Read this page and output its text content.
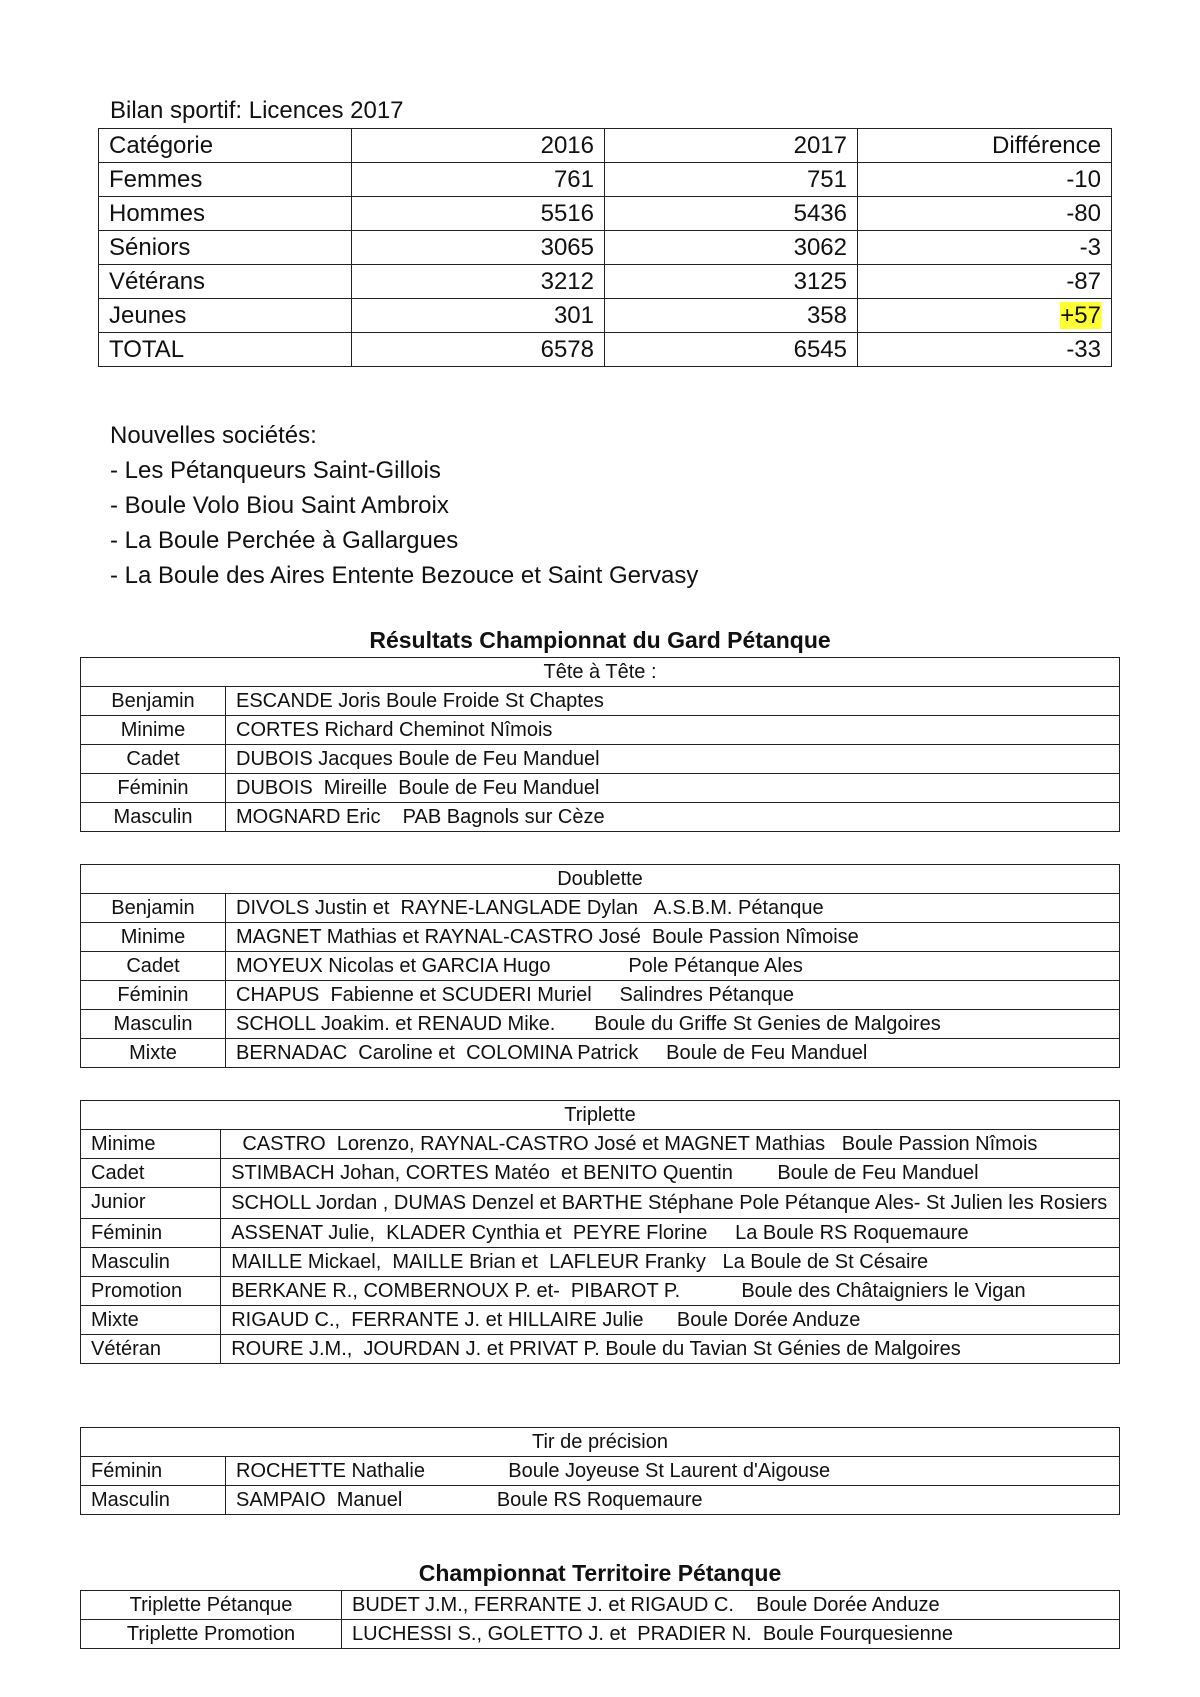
Bilan sportif: Licences 2017
Catégorie	2016	2017	Différence
Femmes	761	751	-10
Hommes	5516	5436	-80
Séniors	3065	3062	-3
Vétérans	3212	3125	-87
Jeunes	301	358	+57
TOTAL	6578	6545	-33
Nouvelles sociétés:
- Les Pétanqueurs Saint-Gillois
- Boule Volo Biou Saint Ambroix
- La Boule Perchée à Gallargues
- La Boule des Aires Entente Bezouce et Saint Gervasy
Résultats Championnat du Gard Pétanque
Tête à Tête :	
Benjamin	ESCANDE Joris Boule Froide St Chaptes
Minime	CORTES Richard Cheminot Nîmois
Cadet	DUBOIS Jacques Boule de Feu Manduel
Féminin	DUBOIS  Mireille  Boule de Feu Manduel
Masculin	MOGNARD Eric    PAB Bagnols sur Cèze
Doublette	
Benjamin	DIVOLS Justin et  RAYNE-LANGLADE Dylan   A.S.B.M. Pétanque
Minime	MAGNET Mathias et RAYNAL-CASTRO José  Boule Passion Nîmoise
Cadet	MOYEUX Nicolas et GARCIA Hugo              Pole Pétanque Ales
Féminin	CHAPUS  Fabienne et SCUDERI Muriel     Salindres Pétanque
Masculin	SCHOLL Joakim. et RENAUD Mike.       Boule du Griffe St Genies de Malgoires
Mixte	BERNADAC  Caroline et  COLOMINA Patrick     Boule de Feu Manduel
Triplette	
Minime	CASTRO  Lorenzo, RAYNAL-CASTRO José et MAGNET Mathias   Boule Passion Nîmois
Cadet	STIMBACH Johan, CORTES Matéo  et BENITO Quentin        Boule de Feu Manduel
Junior	SCHOLL Jordan , DUMAS Denzel et BARTHE Stéphane Pole Pétanque Ales- St Julien les Rosiers
Féminin	ASSENAT Julie,  KLADER Cynthia et  PEYRE Florine     La Boule RS Roquemaure
Masculin	MAILLE Mickael,  MAILLE Brian et  LAFLEUR Franky   La Boule de St Césaire
Promotion	BERKANE R., COMBERNOUX P. et-  PIBAROT P.           Boule des Châtaigniers le Vigan
Mixte	RIGAUD C.,  FERRANTE J. et HILLAIRE Julie      Boule Dorée Anduze
Vétéran	ROURE J.M.,  JOURDAN J. et PRIVAT P. Boule du Tavian St Génies de Malgoires
Tir de précision	
Féminin	ROCHETTE Nathalie               Boule Joyeuse St Laurent d'Aigouse
Masculin	SAMPAIO  Manuel                 Boule RS Roquemaure
Championnat Territoire Pétanque
Triplette Pétanque	BUDET J.M., FERRANTE J. et RIGAUD C.    Boule Dorée Anduze
Triplette Promotion	LUCHESSI S., GOLETTO J. et  PRADIER N.  Boule Fourquesienne
